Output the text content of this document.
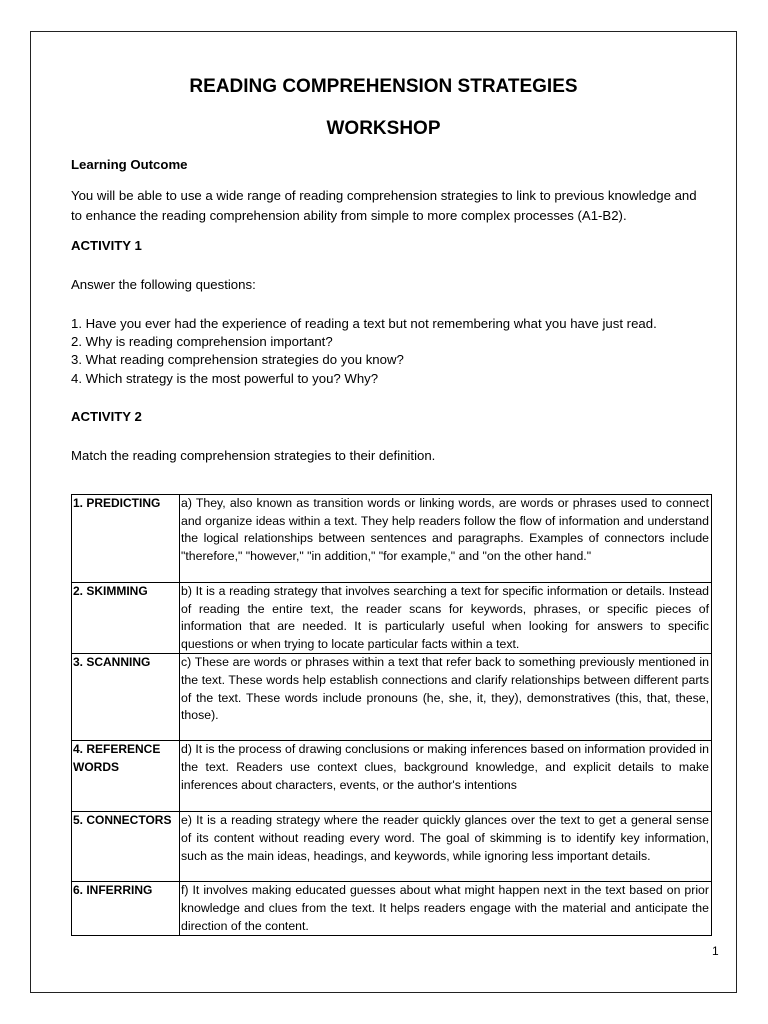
READING COMPREHENSION STRATEGIES
WORKSHOP

Learning Outcome

You will be able to use a wide range of reading comprehension strategies to link to previous knowledge and

to enhance the reading comprehension ability from simple to more complex processes (A1-B2).

ACTIVITY 1

Answer the following questions:

1. Have you ever had the experience of reading a text but not remembering what you have just read.
2. Why is reading comprehension important?
3. What reading comprehension strategies do you know?
4. Which strategy is the most powerful to you? Why?

ACTIVITY 2

Match the reading comprehension strategies to their definition.

1. PREDICTING	a) They, also known as transition words or linking words, are words or phrases used to connect and organize ideas within a text. They help readers follow the flow of information and understand the logical relationships between sentences and paragraphs. Examples of connectors include "therefore," "however," "in addition," "for example," and "on the other hand."
2. SKIMMING	b) It is a reading strategy that involves searching a text for specific information or details. Instead of reading the entire text, the reader scans for keywords, phrases, or specific pieces of information that are needed. It is particularly useful when looking for answers to specific questions or when trying to locate particular facts within a text.
3. SCANNING	c) These are words or phrases within a text that refer back to something previously mentioned in the text. These words help establish connections and clarify relationships between different parts of the text. These words include pronouns (he, she, it, they), demonstratives (this, that, these, those).
4. REFERENCE WORDS	d) It is the process of drawing conclusions or making inferences based on information provided in the text. Readers use context clues, background knowledge, and explicit details to make inferences about characters, events, or the author's intentions
5. CONNECTORS	e) It is a reading strategy where the reader quickly glances over the text to get a general sense of its content without reading every word. The goal of skimming is to identify key information, such as the main ideas, headings, and keywords, while ignoring less important details.
6. INFERRING	f) It involves making educated guesses about what might happen next in the text based on prior knowledge and clues from the text. It helps readers engage with the material and anticipate the direction of the content.
1
